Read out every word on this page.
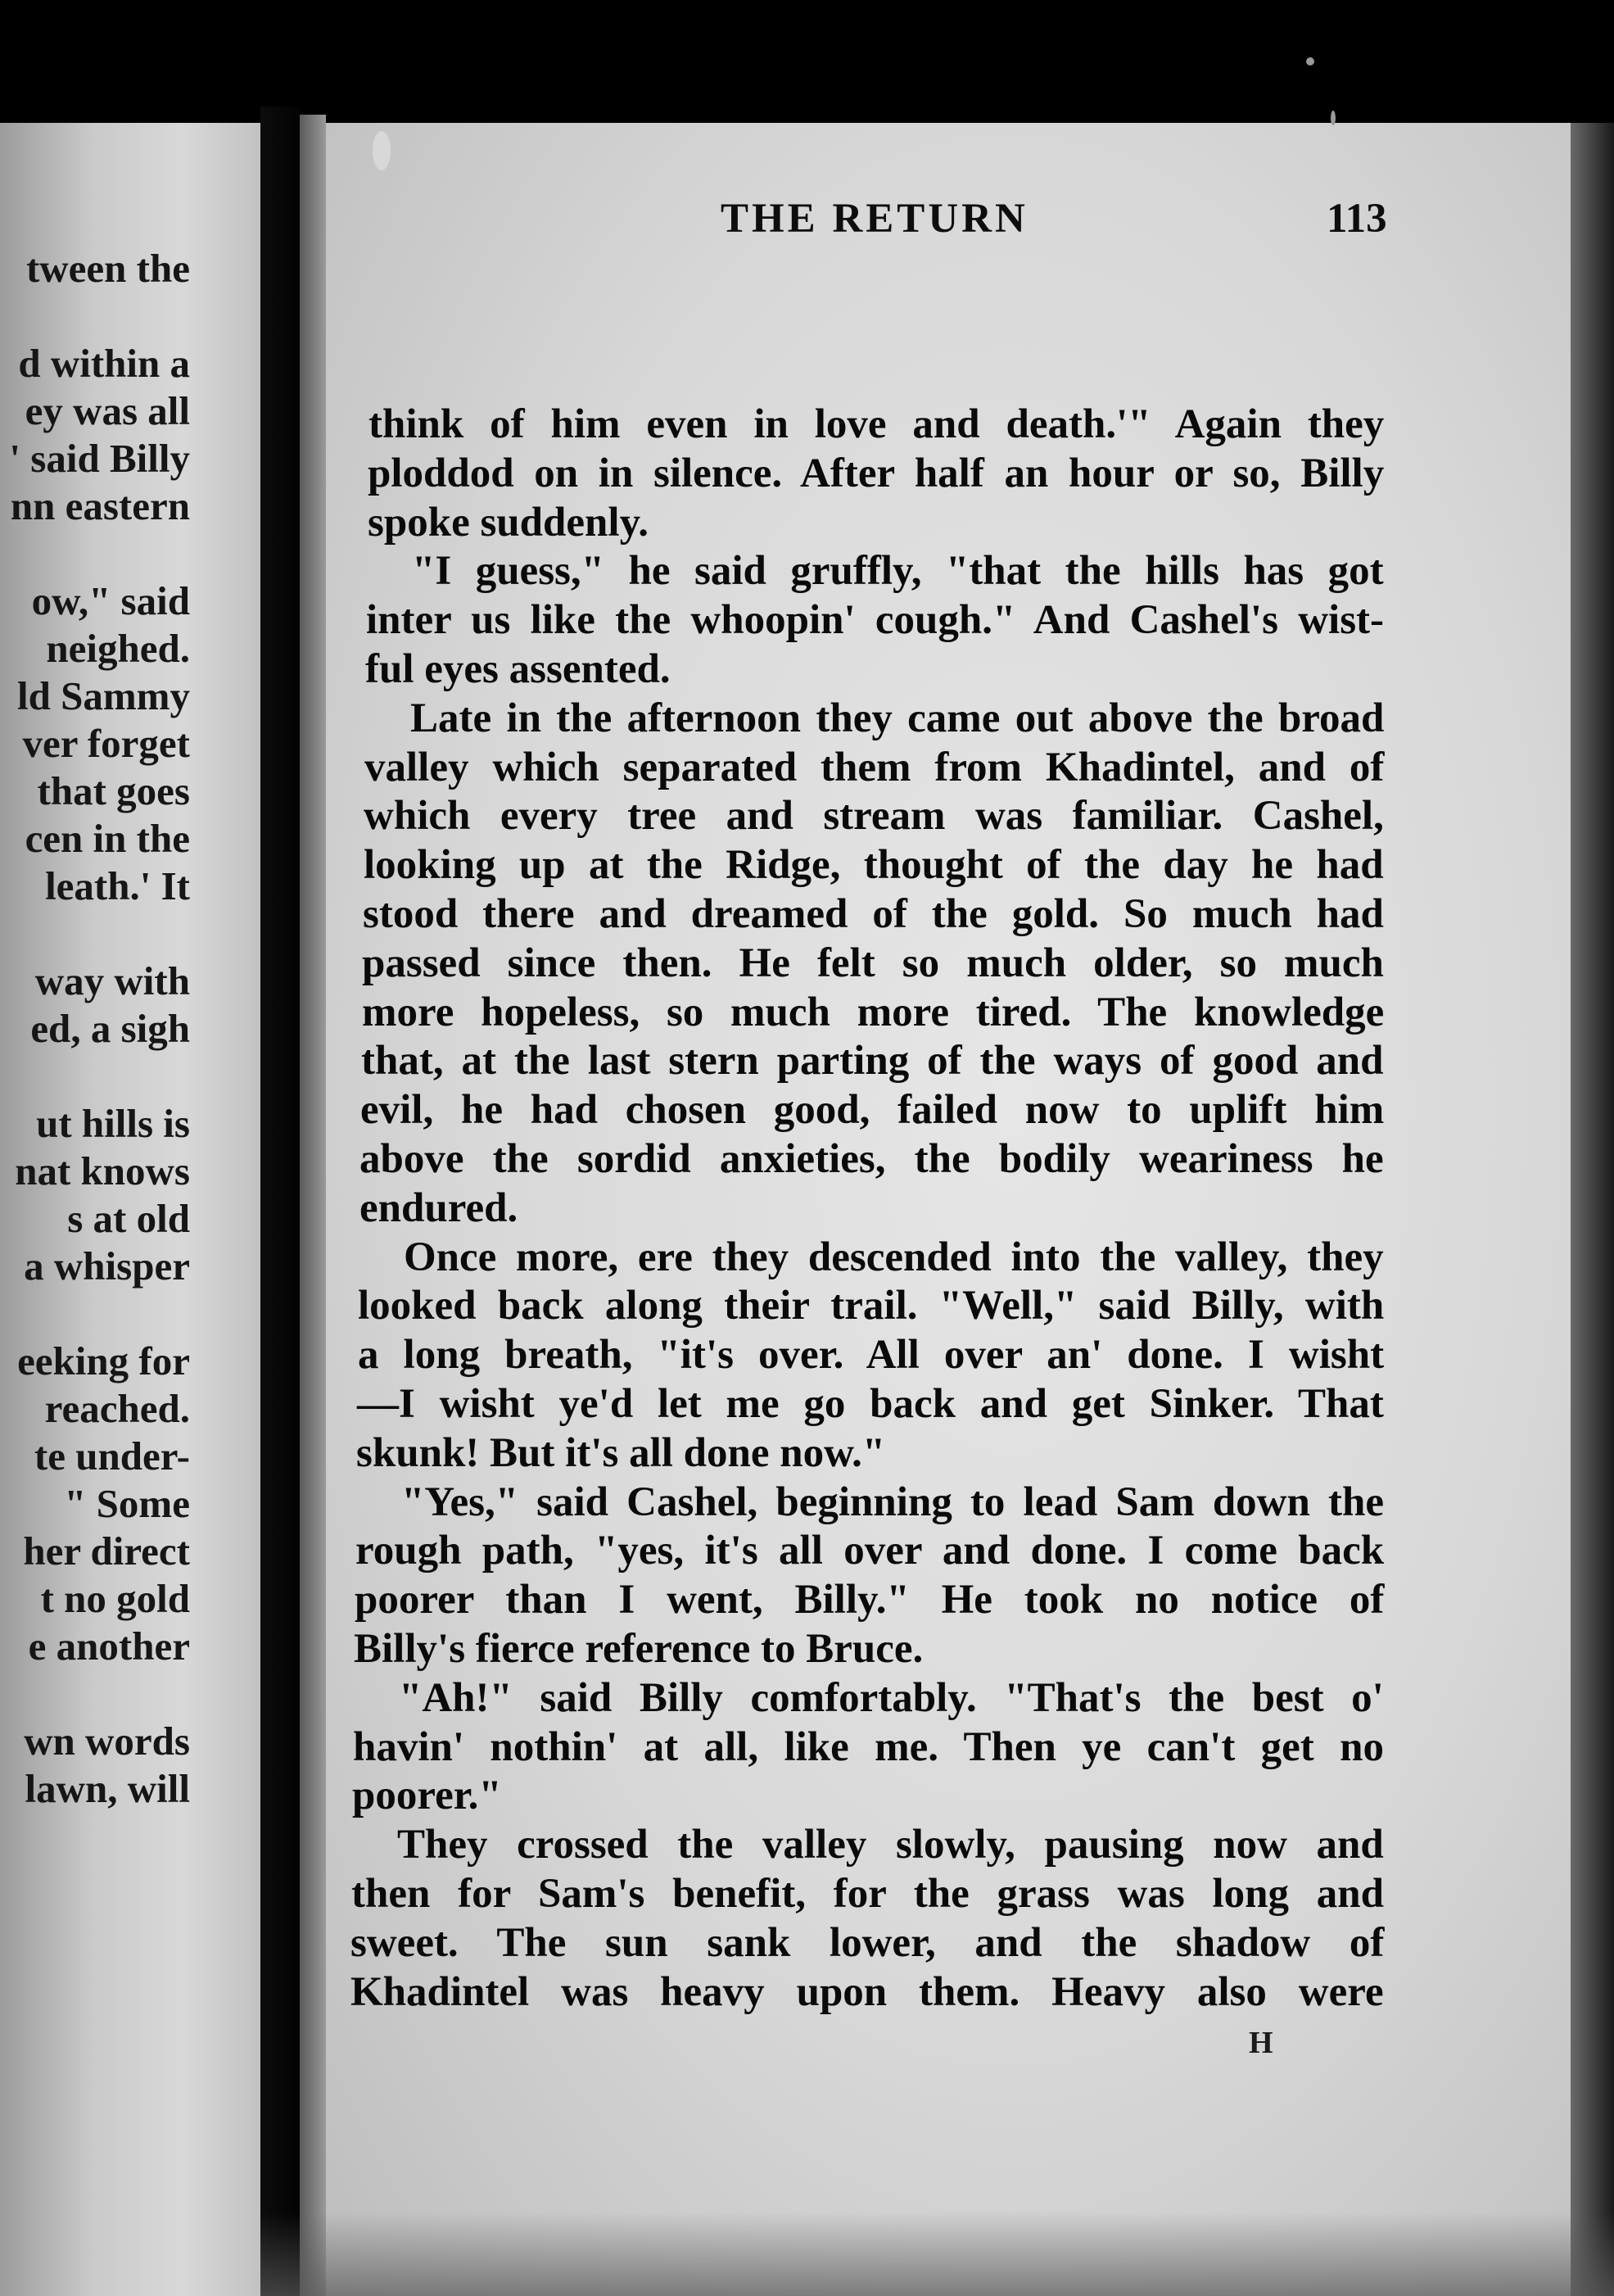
tween the
d within a
ey was all
' said Billy
nn eastern
ow," said
neighed.
ld Sammy
ver forget
that goes
cen in the
leath.' It
way with
ed, a sigh
ut hills is
nat knows
s at old
a whisper
eeking for
reached.
te under-
" Some
her direct
t no gold
e another
wn words
lawn, will
THE RETURN	113
think of him even in love and death.'" Again they
ploddod on in silence. After half an hour or so, Billy
spoke suddenly.
"I guess," he said gruffly, "that the hills has got
inter us like the whoopin' cough." And Cashel's wist-
ful eyes assented.
Late in the afternoon they came out above the broad
valley which separated them from Khadintel, and of
which every tree and stream was familiar. Cashel,
looking up at the Ridge, thought of the day he had
stood there and dreamed of the gold. So much had
passed since then. He felt so much older, so much
more hopeless, so much more tired. The knowledge
that, at the last stern parting of the ways of good and
evil, he had chosen good, failed now to uplift him
above the sordid anxieties, the bodily weariness he
endured.
Once more, ere they descended into the valley, they
looked back along their trail. "Well," said Billy, with
a long breath, "it's over. All over an' done. I wisht
—I wisht ye'd let me go back and get Sinker. That
skunk! But it's all done now."
"Yes," said Cashel, beginning to lead Sam down the
rough path, "yes, it's all over and done. I come back
poorer than I went, Billy." He took no notice of
Billy's fierce reference to Bruce.
"Ah!" said Billy comfortably. "That's the best o'
havin' nothin' at all, like me. Then ye can't get no
poorer."
They crossed the valley slowly, pausing now and
then for Sam's benefit, for the grass was long and
sweet. The sun sank lower, and the shadow of
Khadintel was heavy upon them. Heavy also were
H
